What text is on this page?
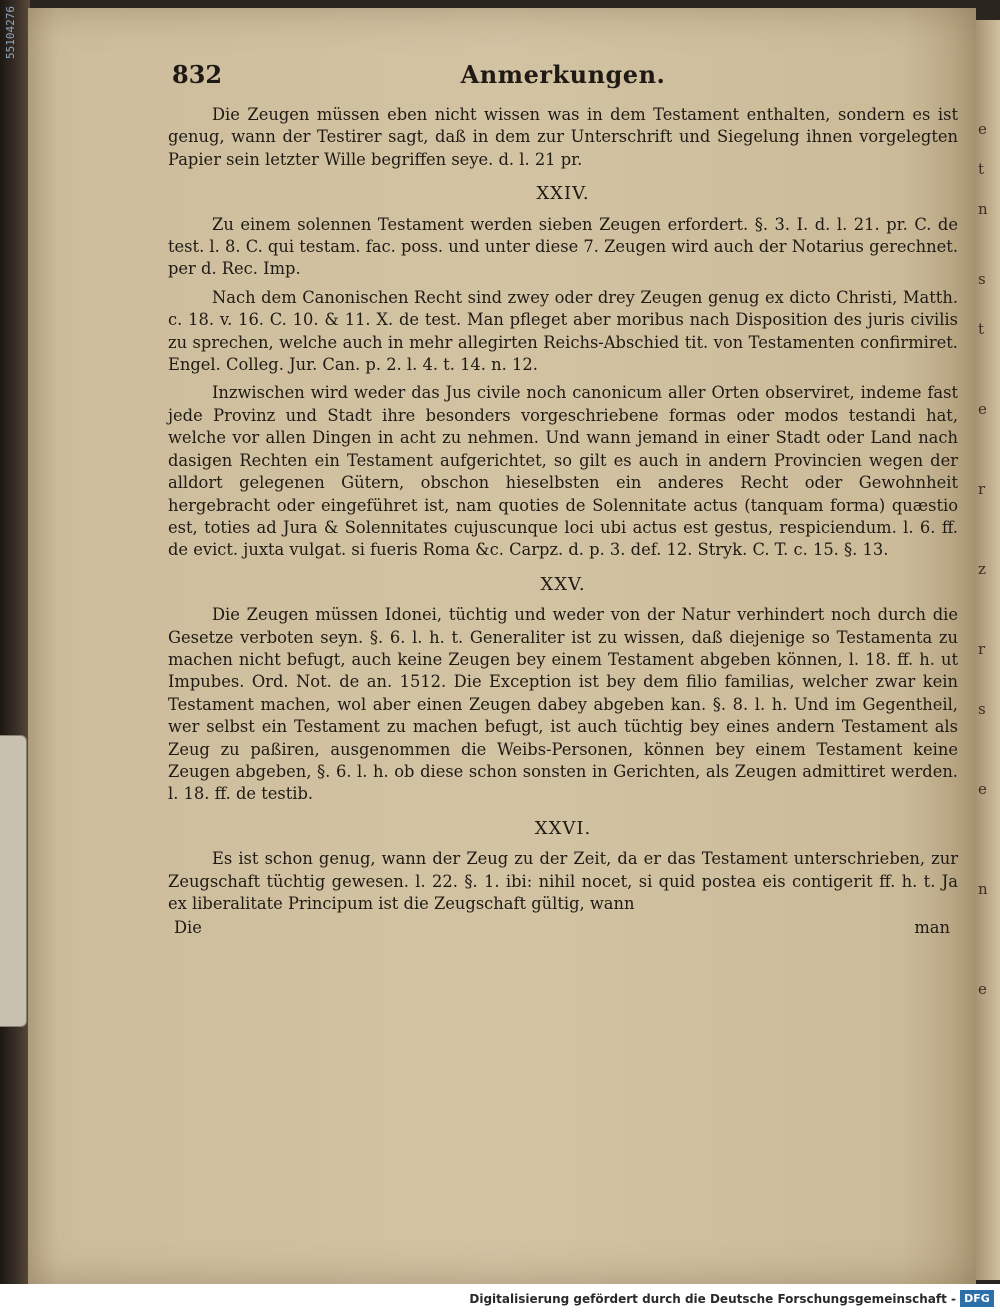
55104276
832	Anmerkungen.

Die Zeugen müssen eben nicht wissen was in dem Testament enthalten, sondern es ist genug, wann der Testirer sagt, daß in dem zur Unterschrift und Siegelung ihnen vorgelegten Papier sein letzter Wille begriffen seye. d. l. 21 pr.

XXIV.

Zu einem solennen Testament werden sieben Zeugen erfordert. §. 3. I. d. l. 21. pr. C. de test. l. 8. C. qui testam. fac. poss. und unter diese 7. Zeugen wird auch der Notarius gerechnet. per d. Rec. Imp.

Nach dem Canonischen Recht sind zwey oder drey Zeugen genug ex dicto Christi, Matth. c. 18. v. 16. C. 10. & 11. X. de test. Man pfleget aber moribus nach Disposition des juris civilis zu sprechen, welche auch in mehr allegirten Reichs-Abschied tit. von Testamenten confirmiret. Engel. Colleg. Jur. Can. p. 2. l. 4. t. 14. n. 12.

Inzwischen wird weder das Jus civile noch canonicum aller Orten observiret, indeme fast jede Provinz und Stadt ihre besonders vorgeschriebene formas oder modos testandi hat, welche vor allen Dingen in acht zu nehmen. Und wann jemand in einer Stadt oder Land nach dasigen Rechten ein Testament aufgerichtet, so gilt es auch in andern Provincien wegen der alldort gelegenen Gütern, obschon hieselbsten ein anderes Recht oder Gewohnheit hergebracht oder eingeführet ist, nam quoties de Solennitate actus (tanquam forma) quæstio est, toties ad Jura & Solennitates cujuscunque loci ubi actus est gestus, respiciendum. l. 6. ff. de evict. juxta vulgat. si fueris Roma &c. Carpz. d. p. 3. def. 12. Stryk. C. T. c. 15. §. 13.

XXV.

Die Zeugen müssen Idonei, tüchtig und weder von der Natur verhindert noch durch die Gesetze verboten seyn. §. 6. l. h. t. Generaliter ist zu wissen, daß diejenige so Testamenta zu machen nicht befugt, auch keine Zeugen bey einem Testament abgeben können, l. 18. ff. h. ut Impubes. Ord. Not. de an. 1512. Die Exception ist bey dem filio familias, welcher zwar kein Testament machen, wol aber einen Zeugen dabey abgeben kan. §. 8. l. h. Und im Gegentheil, wer selbst ein Testament zu machen befugt, ist auch tüchtig bey eines andern Testament als Zeug zu paßiren, ausgenommen die Weibs-Personen, können bey einem Testament keine Zeugen abgeben, §. 6. l. h. ob diese schon sonsten in Gerichten, als Zeugen admittiret werden. l. 18. ff. de testib.

XXVI.

Es ist schon genug, wann der Zeug zu der Zeit, da er das Testament unterschrieben, zur Zeugschaft tüchtig gewesen. l. 22. §. 1. ibi: nihil nocet, si quid postea eis contigerit ff. h. t. Ja ex liberalitate Principum ist die Zeugschaft gültig, wann

Die	man
e
t
n
s
t
e
r
z
r
s
e
n
e
Digitalisierung gefördert durch die Deutsche Forschungsgemeinschaft - DFG
